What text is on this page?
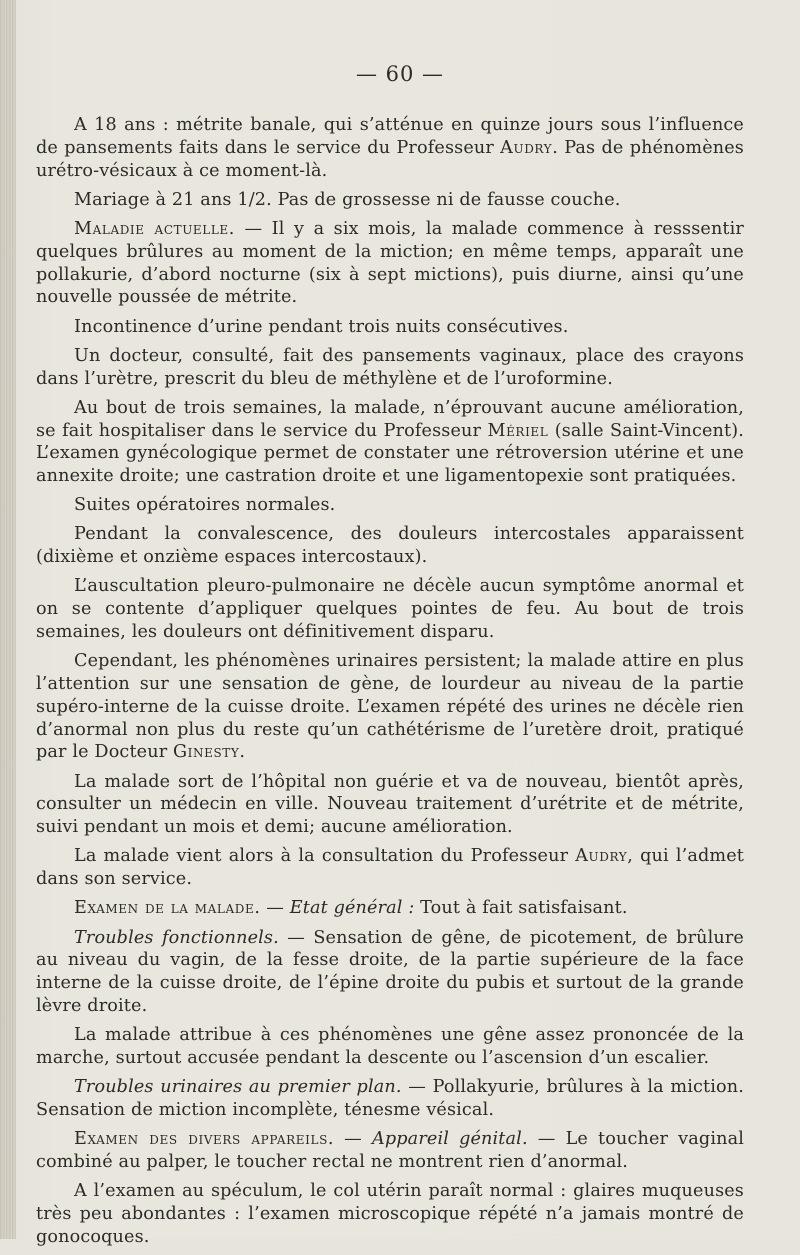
— 60 —

A 18 ans : métrite banale, qui s’atténue en quinze jours sous l’influence de pansements faits dans le service du Professeur Audry. Pas de phénomènes urétro-vésicaux à ce moment-là.

Mariage à 21 ans 1/2. Pas de grossesse ni de fausse couche.

Maladie actuelle. — Il y a six mois, la malade commence à resssentir quelques brûlures au moment de la miction; en même temps, apparaît une pollakurie, d’abord nocturne (six à sept mictions), puis diurne, ainsi qu’une nouvelle poussée de métrite.

Incontinence d’urine pendant trois nuits consécutives.

Un docteur, consulté, fait des pansements vaginaux, place des crayons dans l’urètre, prescrit du bleu de méthylène et de l’uroformine.

Au bout de trois semaines, la malade, n’éprouvant aucune amélioration, se fait hospitaliser dans le service du Professeur Mériel (salle Saint-Vincent). L’examen gynécologique permet de constater une rétroversion utérine et une annexite droite; une castration droite et une ligamentopexie sont pratiquées.

Suites opératoires normales.

Pendant la convalescence, des douleurs intercostales apparaissent (dixième et onzième espaces intercostaux).

L’auscultation pleuro-pulmonaire ne décèle aucun symptôme anormal et on se contente d’appliquer quelques pointes de feu. Au bout de trois semaines, les douleurs ont définitivement disparu.

Cependant, les phénomènes urinaires persistent; la malade attire en plus l’attention sur une sensation de gène, de lourdeur au niveau de la partie supéro-interne de la cuisse droite. L’examen répété des urines ne décèle rien d’anormal non plus du reste qu’un cathétérisme de l’uretère droit, pratiqué par le Docteur Ginesty.

La malade sort de l’hôpital non guérie et va de nouveau, bientôt après, consulter un médecin en ville. Nouveau traitement d’urétrite et de métrite, suivi pendant un mois et demi; aucune amélioration.

La malade vient alors à la consultation du Professeur Audry, qui l’admet dans son service.

Examen de la malade. — Etat général : Tout à fait satisfaisant.

Troubles fonctionnels. — Sensation de gêne, de picotement, de brûlure au niveau du vagin, de la fesse droite, de la partie supérieure de la face interne de la cuisse droite, de l’épine droite du pubis et surtout de la grande lèvre droite.

La malade attribue à ces phénomènes une gêne assez prononcée de la marche, surtout accusée pendant la descente ou l’ascension d’un escalier.

Troubles urinaires au premier plan. — Pollakyurie, brûlures à la miction. Sensation de miction incomplète, ténesme vésical.

Examen des divers appareils. — Appareil génital. — Le toucher vaginal combiné au palper, le toucher rectal ne montrent rien d’anormal.

A l’examen au spéculum, le col utérin paraît normal : glaires muqueuses très peu abondantes : l’examen microscopique répété n’a jamais montré de gonocoques.
